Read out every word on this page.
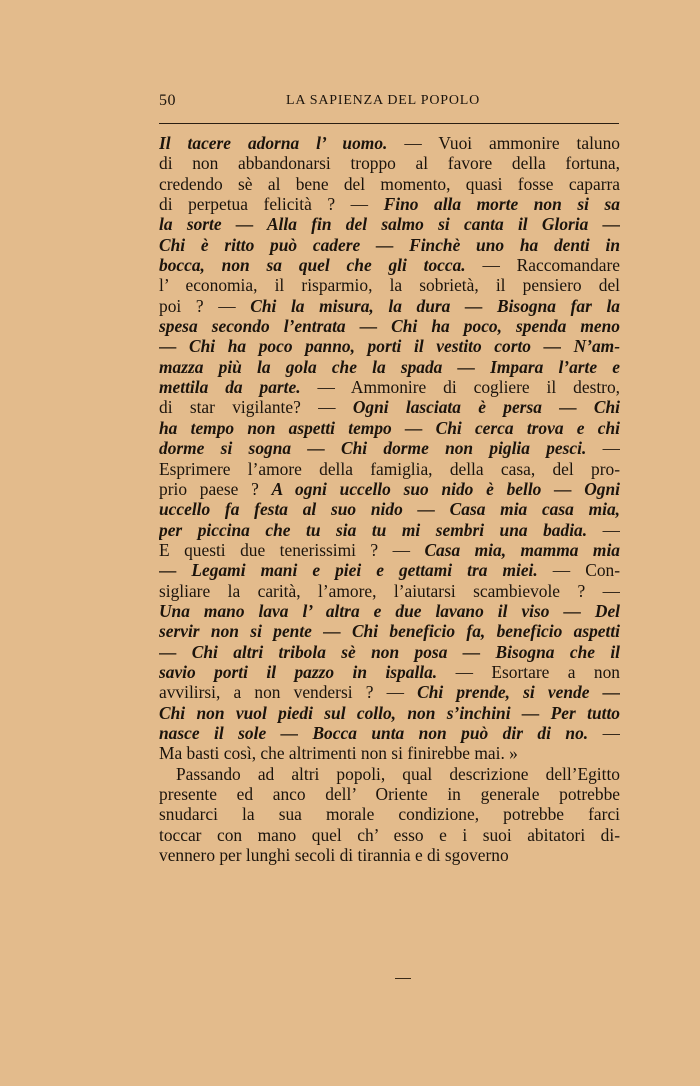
50	LA SAPIENZA DEL POPOLO
Il tacere adorna l’ uomo. — Vuoi ammonire taluno
di non abbandonarsi troppo al favore della fortuna,
credendo sè al bene del momento, quasi fosse caparra
di perpetua felicità ? — Fino alla morte non si sa
la sorte — Alla fin del salmo si canta il Gloria —
Chi è ritto può cadere — Finchè uno ha denti in
bocca, non sa quel che gli tocca. — Raccomandare
l’ economia, il risparmio, la sobrietà, il pensiero del
poi ? — Chi la misura, la dura — Bisogna far la
spesa secondo l’entrata — Chi ha poco, spenda meno
— Chi ha poco panno, porti il vestito corto — N’am-
mazza più la gola che la spada — Impara l’arte e
mettila da parte. — Ammonire di cogliere il destro,
di star vigilante? — Ogni lasciata è persa — Chi
ha tempo non aspetti tempo — Chi cerca trova e chi
dorme si sogna — Chi dorme non piglia pesci. —
Esprimere l’amore della famiglia, della casa, del pro-
prio paese ? A ogni uccello suo nido è bello — Ogni
uccello fa festa al suo nido — Casa mia casa mia,
per piccina che tu sia tu mi sembri una badia. —
E questi due tenerissimi ? — Casa mia, mamma mia
— Legami mani e piei e gettami tra miei. — Con-
sigliare la carità, l’amore, l’aiutarsi scambievole ? —
Una mano lava l’ altra e due lavano il viso — Del
servir non si pente — Chi beneficio fa, beneficio aspetti
— Chi altri tribola sè non posa — Bisogna che il
savio porti il pazzo in ispalla. — Esortare a non
avvilirsi, a non vendersi ? — Chi prende, si vende —
Chi non vuol piedi sul collo, non s’inchini — Per tutto
nasce il sole — Bocca unta non può dir di no. —
Ma basti così, che altrimenti non si finirebbe mai. »
Passando ad altri popoli, qual descrizione dell’Egitto
presente ed anco dell’ Oriente in generale potrebbe
snudarci la sua morale condizione, potrebbe farci
toccar con mano quel ch’ esso e i suoi abitatori di-
vennero per lunghi secoli di tirannia e di sgoverno
